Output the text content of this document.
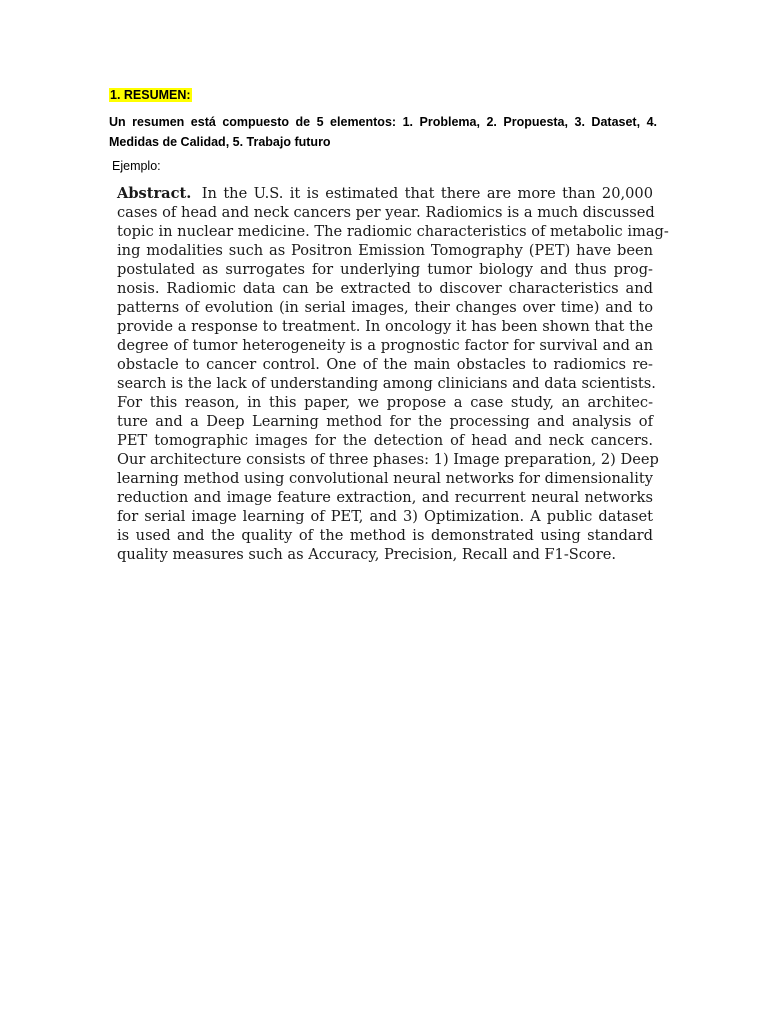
1. RESUMEN:
Un resumen está compuesto de 5 elementos: 1. Problema, 2. Propuesta, 3. Dataset, 4. Medidas de Calidad, 5. Trabajo futuro
Ejemplo:
Abstract. In the U.S. it is estimated that there are more than 20,000
cases of head and neck cancers per year. Radiomics is a much discussed
topic in nuclear medicine. The radiomic characteristics of metabolic imag-
ing modalities such as Positron Emission Tomography (PET) have been
postulated as surrogates for underlying tumor biology and thus prog-
nosis. Radiomic data can be extracted to discover characteristics and
patterns of evolution (in serial images, their changes over time) and to
provide a response to treatment. In oncology it has been shown that the
degree of tumor heterogeneity is a prognostic factor for survival and an
obstacle to cancer control. One of the main obstacles to radiomics re-
search is the lack of understanding among clinicians and data scientists.
For this reason, in this paper, we propose a case study, an architec-
ture and a Deep Learning method for the processing and analysis of
PET tomographic images for the detection of head and neck cancers.
Our architecture consists of three phases: 1) Image preparation, 2) Deep
learning method using convolutional neural networks for dimensionality
reduction and image feature extraction, and recurrent neural networks
for serial image learning of PET, and 3) Optimization. A public dataset
is used and the quality of the method is demonstrated using standard
quality measures such as Accuracy, Precision, Recall and F1-Score.
